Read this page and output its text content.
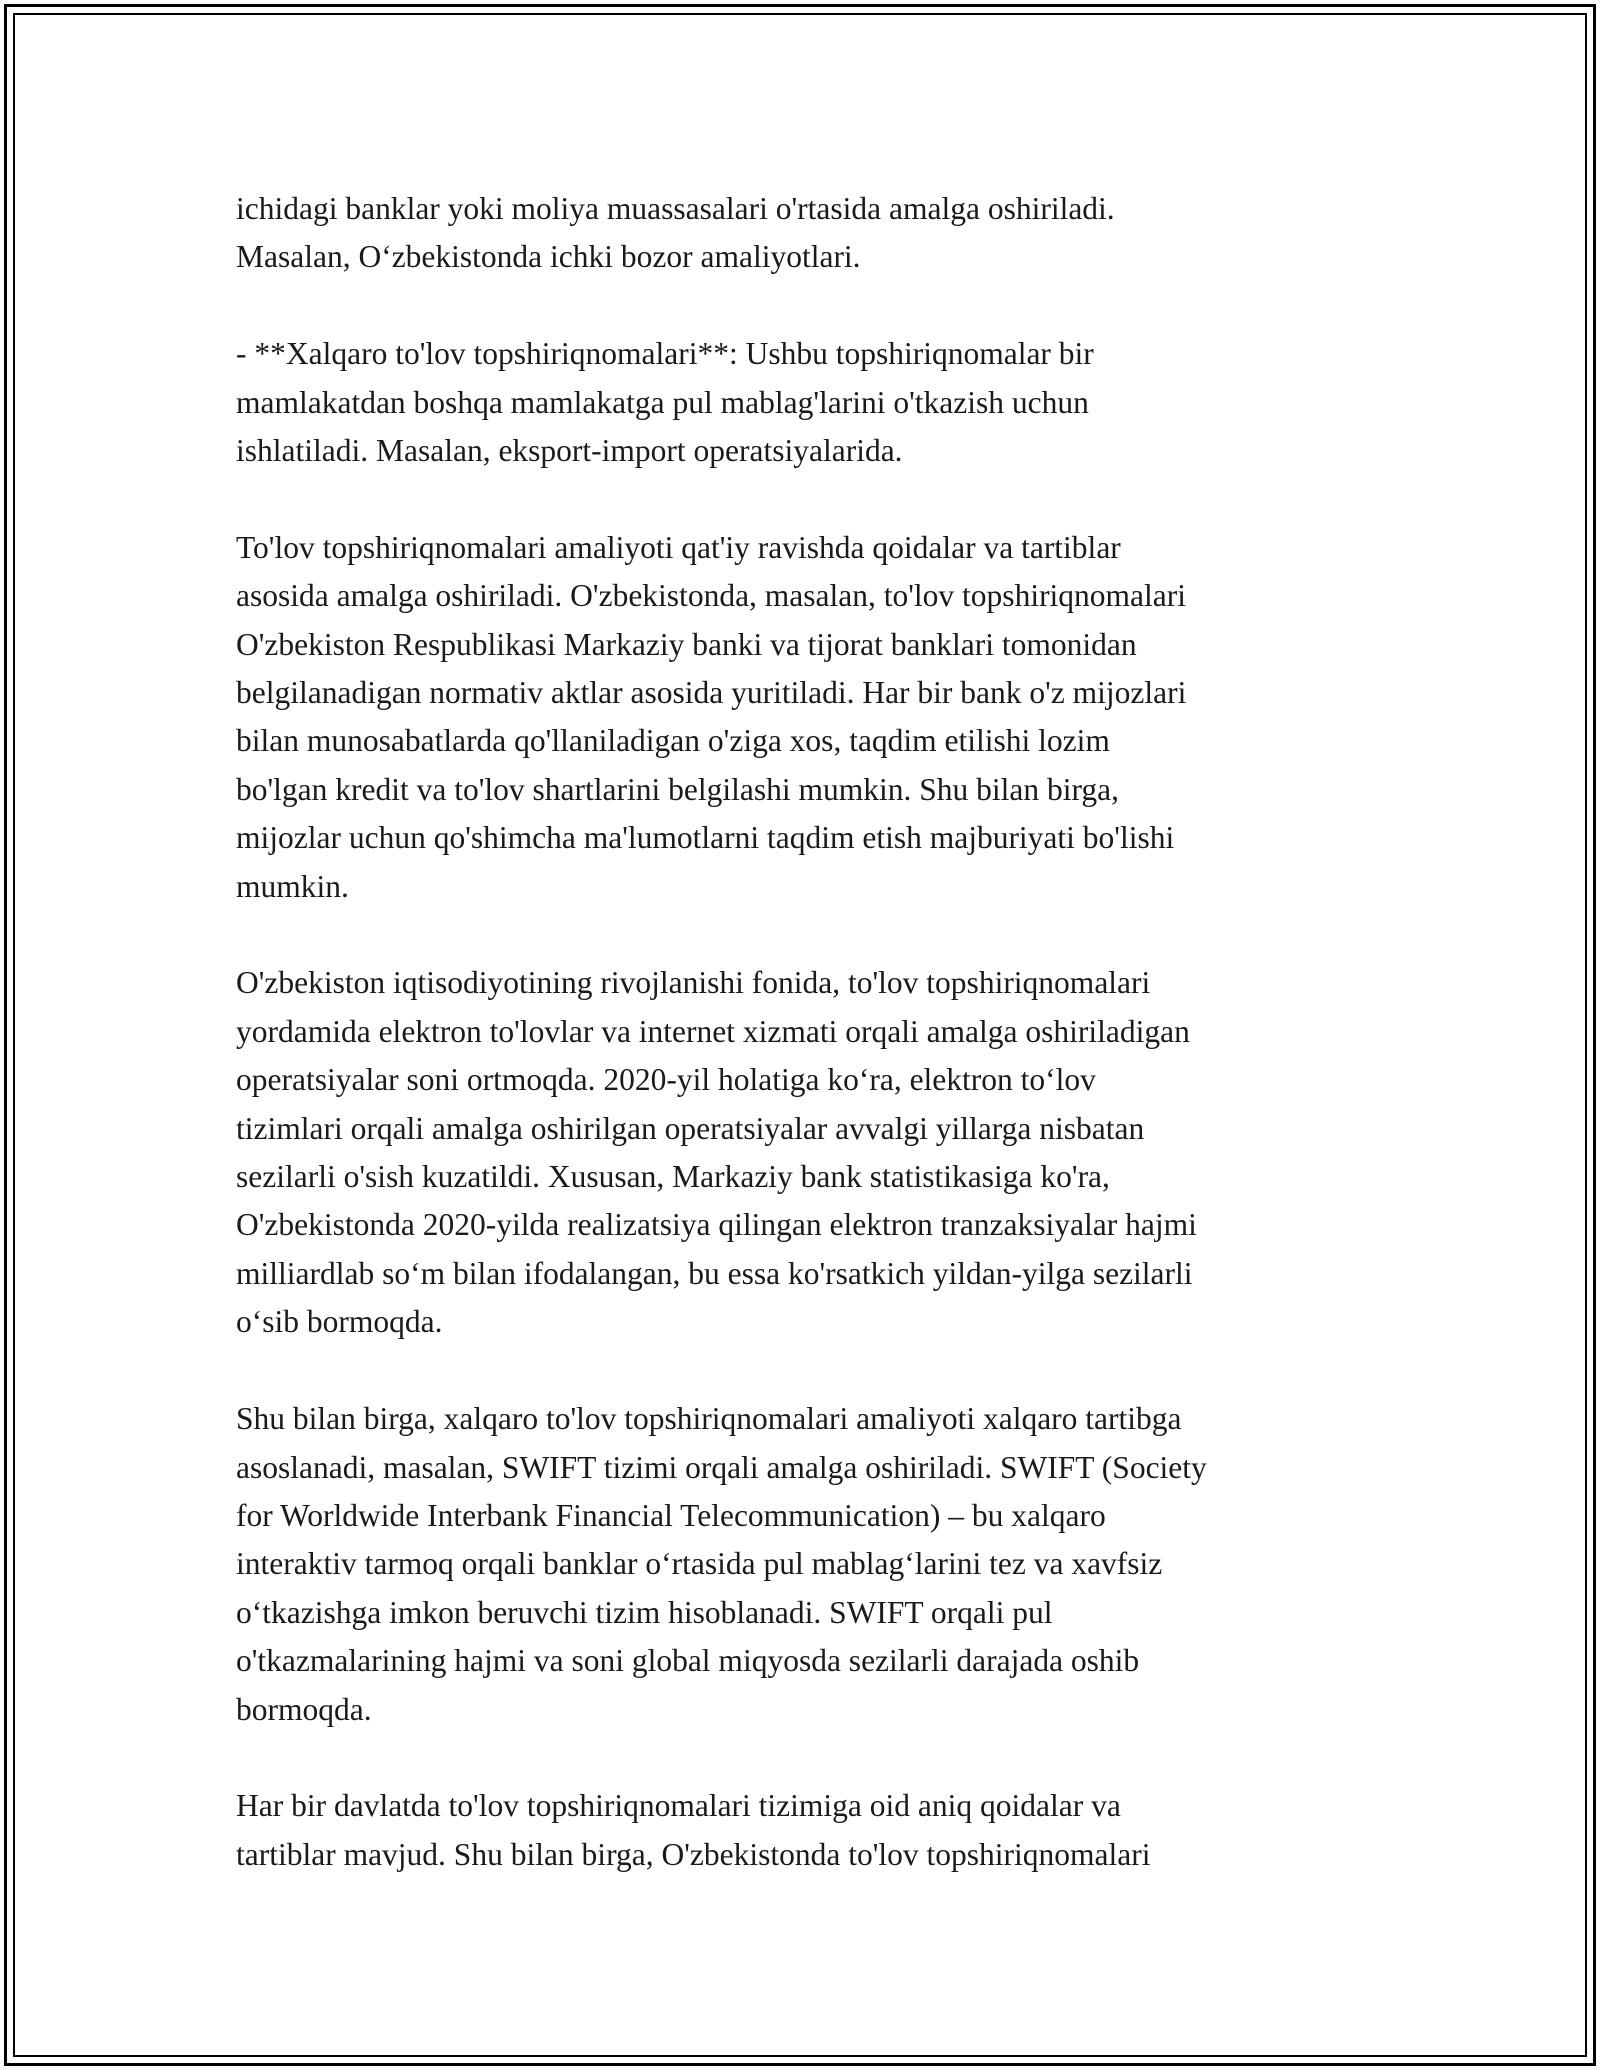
ichidagi banklar yoki moliya muassasalari o'rtasida amalga oshiriladi.
Masalan, O‘zbekistonda ichki bozor amaliyotlari.

- **Xalqaro to'lov topshiriqnomalari**: Ushbu topshiriqnomalar bir
mamlakatdan boshqa mamlakatga pul mablag'larini o'tkazish uchun
ishlatiladi. Masalan, eksport-import operatsiyalarida.

To'lov topshiriqnomalari amaliyoti qat'iy ravishda qoidalar va tartiblar
asosida amalga oshiriladi. O'zbekistonda, masalan, to'lov topshiriqnomalari
O'zbekiston Respublikasi Markaziy banki va tijorat banklari tomonidan
belgilanadigan normativ aktlar asosida yuritiladi. Har bir bank o'z mijozlari
bilan munosabatlarda qo'llaniladigan o'ziga xos, taqdim etilishi lozim
bo'lgan kredit va to'lov shartlarini belgilashi mumkin. Shu bilan birga,
mijozlar uchun qo'shimcha ma'lumotlarni taqdim etish majburiyati bo'lishi
mumkin.

O'zbekiston iqtisodiyotining rivojlanishi fonida, to'lov topshiriqnomalari
yordamida elektron to'lovlar va internet xizmati orqali amalga oshiriladigan
operatsiyalar soni ortmoqda. 2020-yil holatiga ko‘ra, elektron to‘lov
tizimlari orqali amalga oshirilgan operatsiyalar avvalgi yillarga nisbatan
sezilarli o'sish kuzatildi. Xususan, Markaziy bank statistikasiga ko'ra,
O'zbekistonda 2020-yilda realizatsiya qilingan elektron tranzaksiyalar hajmi
milliardlab so‘m bilan ifodalangan, bu essa ko'rsatkich yildan-yilga sezilarli
o‘sib bormoqda.

Shu bilan birga, xalqaro to'lov topshiriqnomalari amaliyoti xalqaro tartibga
asoslanadi, masalan, SWIFT tizimi orqali amalga oshiriladi. SWIFT (Society
for Worldwide Interbank Financial Telecommunication) – bu xalqaro
interaktiv tarmoq orqali banklar o‘rtasida pul mablag‘larini tez va xavfsiz
o‘tkazishga imkon beruvchi tizim hisoblanadi. SWIFT orqali pul
o'tkazmalarining hajmi va soni global miqyosda sezilarli darajada oshib
bormoqda.

Har bir davlatda to'lov topshiriqnomalari tizimiga oid aniq qoidalar va
tartiblar mavjud. Shu bilan birga, O'zbekistonda to'lov topshiriqnomalari
